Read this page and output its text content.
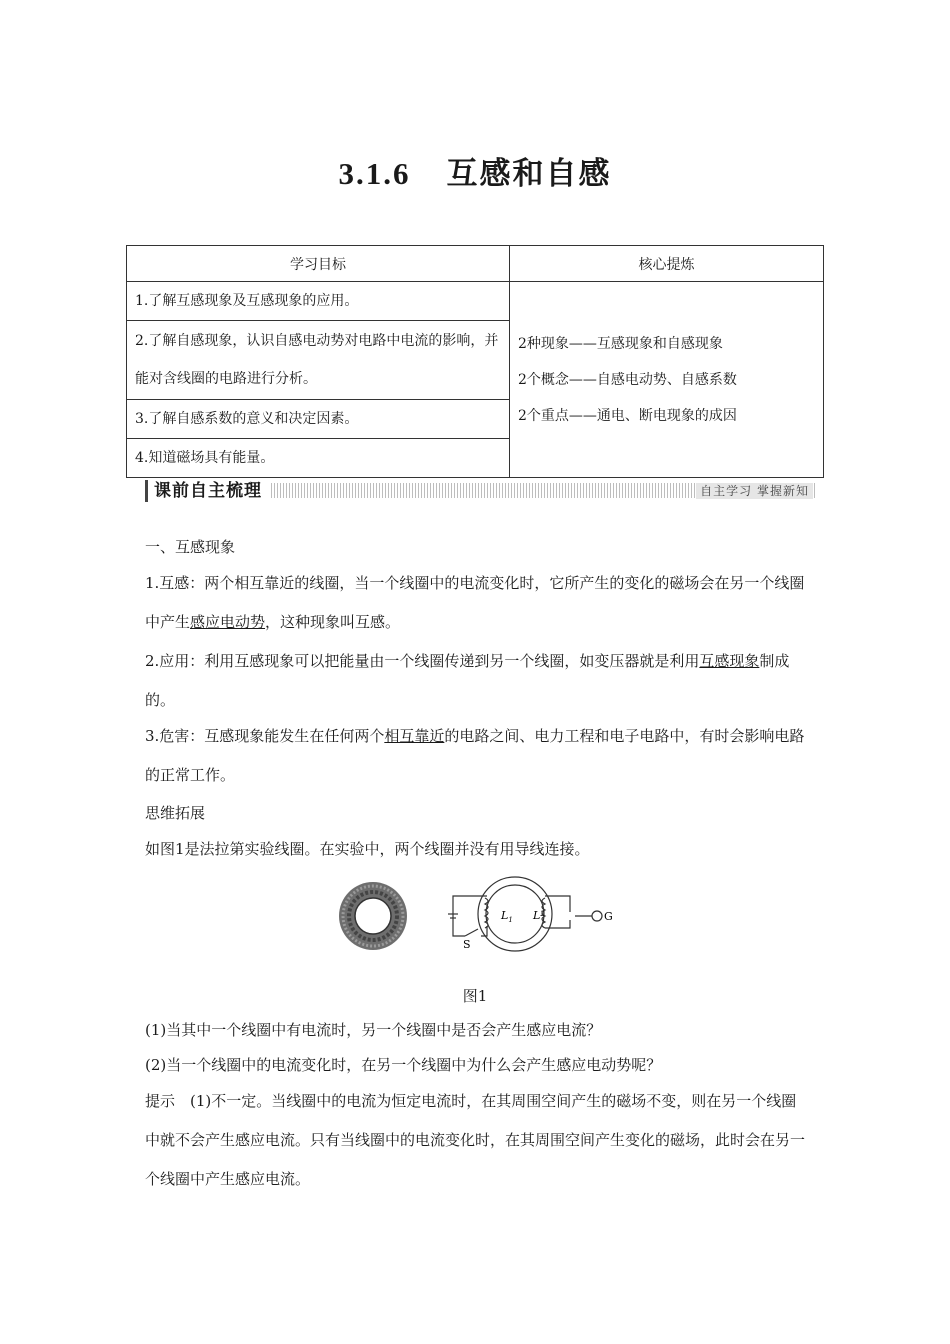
3.1.6 互感和自感
学习目标	核心提炼
1.了解互感现象及互感现象的应用。	2种现象——互感现象和自感现象
2个概念——自感电动势、自感系数
2个重点——通电、断电现象的成因

2.了解自感现象，认识自感电动势对电路中电流的影响，并能对含线圈的电路进行分析。	
3.了解自感系数的意义和决定因素。	
4.知道磁场具有能量。	
课前自主梳理	自主学习 掌握新知

一、互感现象

1.互感：两个相互靠近的线圈，当一个线圈中的电流变化时，它所产生的变化的磁场会在另一个线圈中产生感应电动势，这种现象叫互感。

2.应用：利用互感现象可以把能量由一个线圈传递到另一个线圈，如变压器就是利用互感现象制成的。

3.危害：互感现象能发生在任何两个相互靠近的电路之间、电力工程和电子电路中，有时会影响电路的正常工作。

思维拓展

如图1是法拉第实验线圈。在实验中，两个线圈并没有用导线连接。

$L_1$ $L^2$	G
S
图1

(1)当其中一个线圈中有电流时，另一个线圈中是否会产生感应电流？

(2)当一个线圈中的电流变化时，在另一个线圈中为什么会产生感应电动势呢？

提示　(1)不一定。当线圈中的电流为恒定电流时，在其周围空间产生的磁场不变，则在另一个线圈中就不会产生感应电流。只有当线圈中的电流变化时，在其周围空间产生变化的磁场，此时会在另一个线圈中产生感应电流。
